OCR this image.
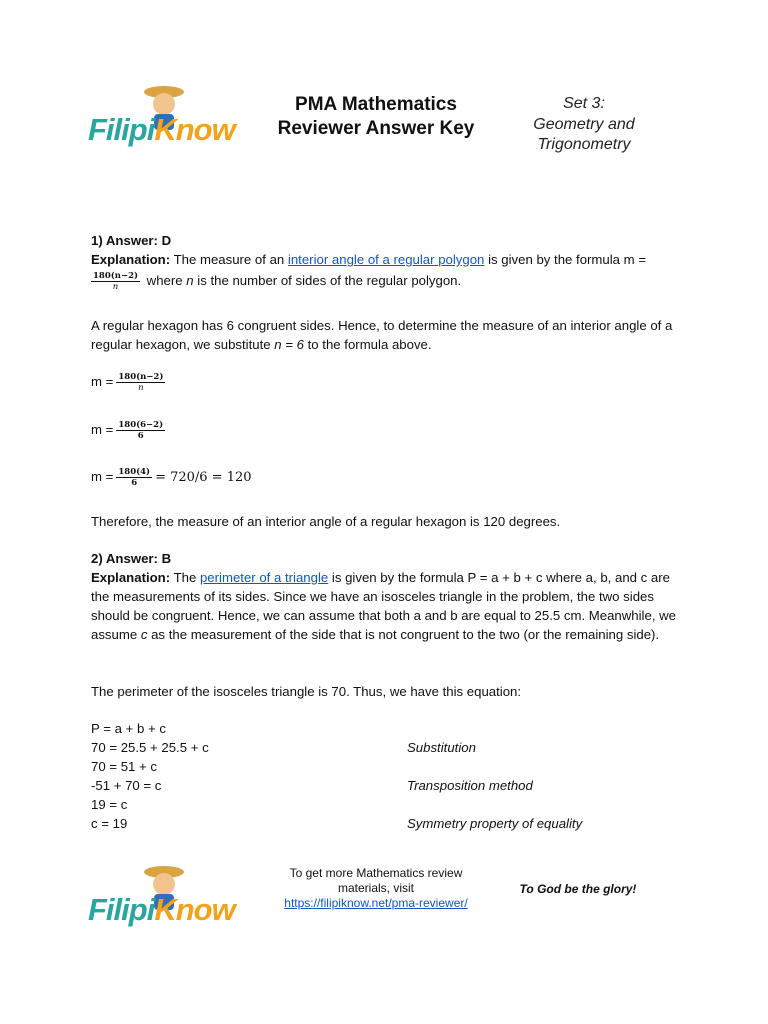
FilipiKnow
PMA Mathematics Reviewer Answer Key
Set 3:
Geometry and Trigonometry
1) Answer: D
Explanation: The measure of an interior angle of a regular polygon is given by the formula m =
$\frac{180(n-2)}{n}$ where n is the number of sides of the regular polygon.
A regular hexagon has 6 congruent sides. Hence, to determine the measure of an interior angle of a regular hexagon, we substitute n = 6 to the formula above.
$m = \frac{180(n-2)}{n}$
$m = \frac{180(6-2)}{6}$
$m = \frac{180(4)}{6} = 720/6 = 120$
Therefore, the measure of an interior angle of a regular hexagon is 120 degrees.
2) Answer: B
Explanation: The perimeter of a triangle is given by the formula P = a + b + c where a, b, and c are the measurements of its sides. Since we have an isosceles triangle in the problem, the two sides should be congruent. Hence, we can assume that both a and b are equal to 25.5 cm. Meanwhile, we assume c as the measurement of the side that is not congruent to the two (or the remaining side).
The perimeter of the isosceles triangle is 70. Thus, we have this equation:
P = a + b + c
70 = 25.5 + 25.5 + c	Substitution
70 = 51 + c
-51 + 70 = c	Transposition method
19 = c
c = 19	Symmetry property of equality
FilipiKnow
To get more Mathematics review materials, visit
https://filipiknow.net/pma-reviewer/
To God be the glory!
